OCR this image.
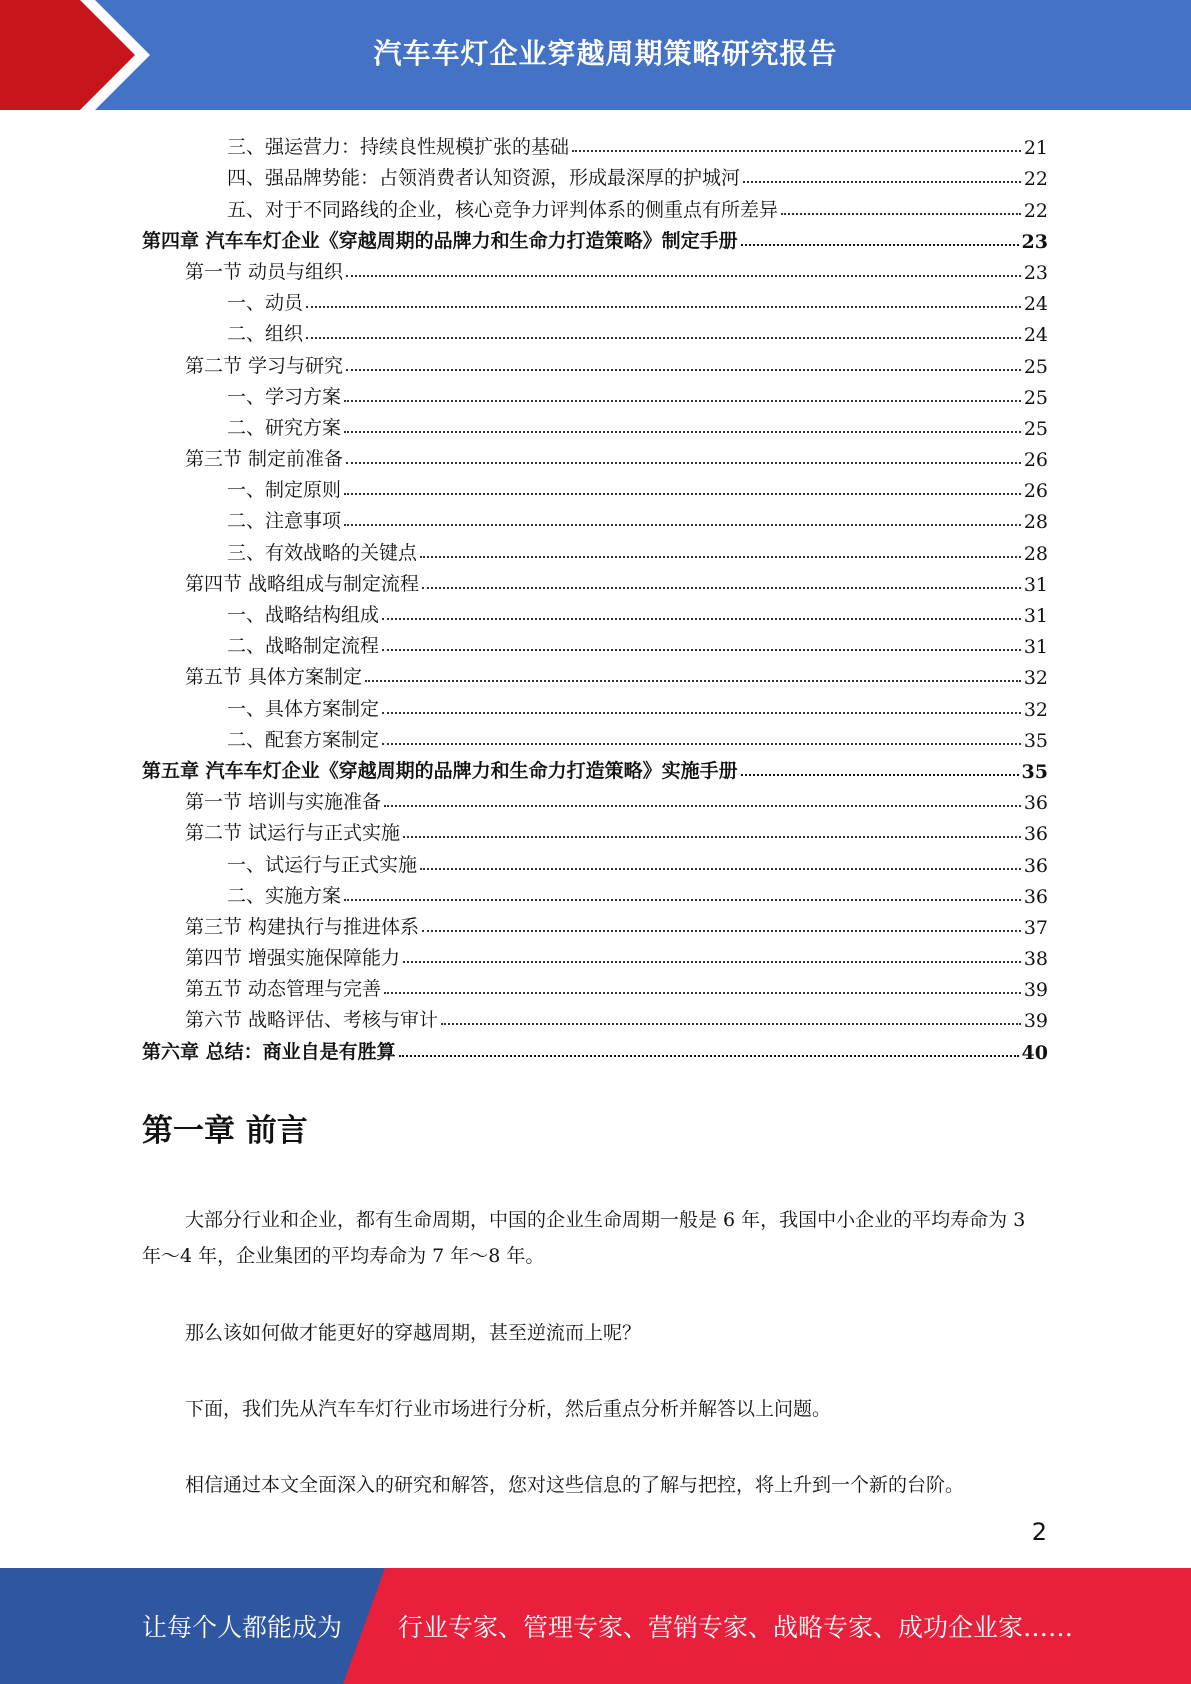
汽车车灯企业穿越周期策略研究报告
三、强运营力：持续良性规模扩张的基础	21
四、强品牌势能：占领消费者认知资源，形成最深厚的护城河	22
五、对于不同路线的企业，核心竞争力评判体系的侧重点有所差异	22
第四章 汽车车灯企业《穿越周期的品牌力和生命力打造策略》制定手册	23
第一节 动员与组织	23
一、动员	24
二、组织	24
第二节 学习与研究	25
一、学习方案	25
二、研究方案	25
第三节 制定前准备	26
一、制定原则	26
二、注意事项	28
三、有效战略的关键点	28
第四节 战略组成与制定流程	31
一、战略结构组成	31
二、战略制定流程	31
第五节 具体方案制定	32
一、具体方案制定	32
二、配套方案制定	35
第五章 汽车车灯企业《穿越周期的品牌力和生命力打造策略》实施手册	35
第一节 培训与实施准备	36
第二节 试运行与正式实施	36
一、试运行与正式实施	36
二、实施方案	36
第三节 构建执行与推进体系	37
第四节 增强实施保障能力	38
第五节 动态管理与完善	39
第六节 战略评估、考核与审计	39
第六章 总结：商业自是有胜算	40
第一章 前言

大部分行业和企业，都有生命周期，中国的企业生命周期一般是 6 年，我国中小企业的平均寿命为 3 年～4 年，企业集团的平均寿命为 7 年～8 年。

那么该如何做才能更好的穿越周期，甚至逆流而上呢？

下面，我们先从汽车车灯行业市场进行分析，然后重点分析并解答以上问题。

相信通过本文全面深入的研究和解答，您对这些信息的了解与把控，将上升到一个新的台阶。

2
让每个人都能成为 行业专家、管理专家、营销专家、战略专家、成功企业家……
